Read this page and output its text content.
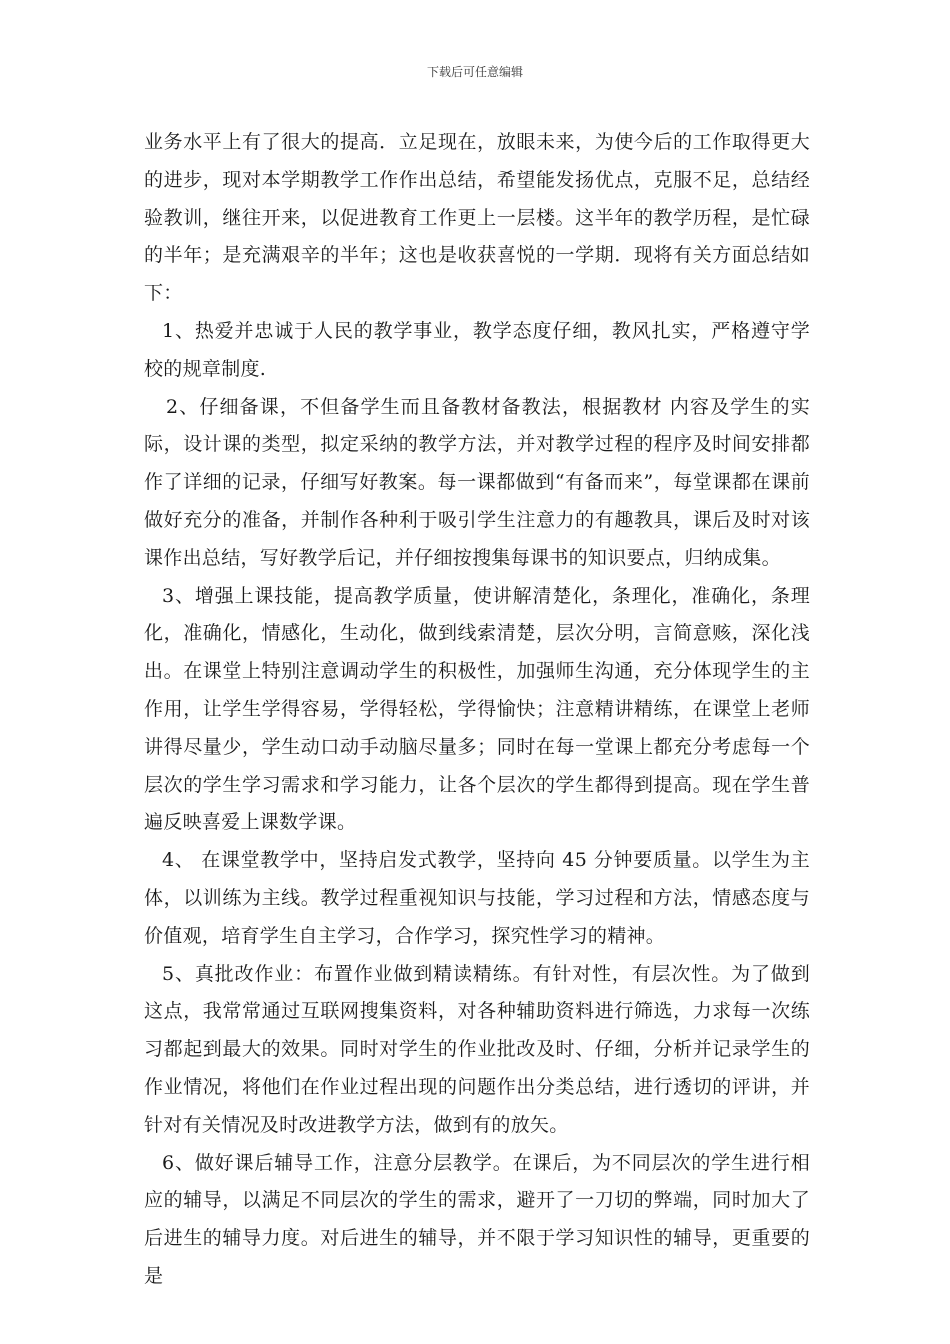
下载后可任意编辑

业务水平上有了很大的提高．立足现在，放眼未来，为使今后的工作取得更大的进步，现对本学期教学工作作出总结，希望能发扬优点，克服不足，总结经验教训，继往开来，以促进教育工作更上一层楼。这半年的教学历程，是忙碌的半年；是充满艰辛的半年；这也是收获喜悦的一学期．现将有关方面总结如下：

1、热爱并忠诚于人民的教学事业，教学态度仔细，教风扎实，严格遵守学校的规章制度.

2、仔细备课，不但备学生而且备教材备教法，根据教材 内容及学生的实际，设计课的类型，拟定采纳的教学方法，并对教学过程的程序及时间安排都作了详细的记录，仔细写好教案。每一课都做到“有备而来”，每堂课都在课前做好充分的准备，并制作各种利于吸引学生注意力的有趣教具，课后及时对该课作出总结，写好教学后记，并仔细按搜集每课书的知识要点，归纳成集。

3、增强上课技能，提高教学质量，使讲解清楚化，条理化，准确化，条理化，准确化，情感化，生动化，做到线索清楚，层次分明，言简意赅，深化浅出。在课堂上特别注意调动学生的积极性，加强师生沟通，充分体现学生的主作用，让学生学得容易，学得轻松，学得愉快；注意精讲精练，在课堂上老师讲得尽量少，学生动口动手动脑尽量多；同时在每一堂课上都充分考虑每一个层次的学生学习需求和学习能力，让各个层次的学生都得到提高。现在学生普遍反映喜爱上课数学课。

4、 在课堂教学中，坚持启发式教学，坚持向 45 分钟要质量。以学生为主体，以训练为主线。教学过程重视知识与技能，学习过程和方法，情感态度与价值观，培育学生自主学习，合作学习，探究性学习的精神。

5、真批改作业：布置作业做到精读精练。有针对性，有层次性。为了做到这点，我常常通过互联网搜集资料，对各种辅助资料进行筛选，力求每一次练习都起到最大的效果。同时对学生的作业批改及时、仔细，分析并记录学生的作业情况，将他们在作业过程出现的问题作出分类总结，进行透切的评讲，并针对有关情况及时改进教学方法，做到有的放矢。

6、做好课后辅导工作，注意分层教学。在课后，为不同层次的学生进行相应的辅导，以满足不同层次的学生的需求，避开了一刀切的弊端，同时加大了后进生的辅导力度。对后进生的辅导，并不限于学习知识性的辅导，更重要的是
